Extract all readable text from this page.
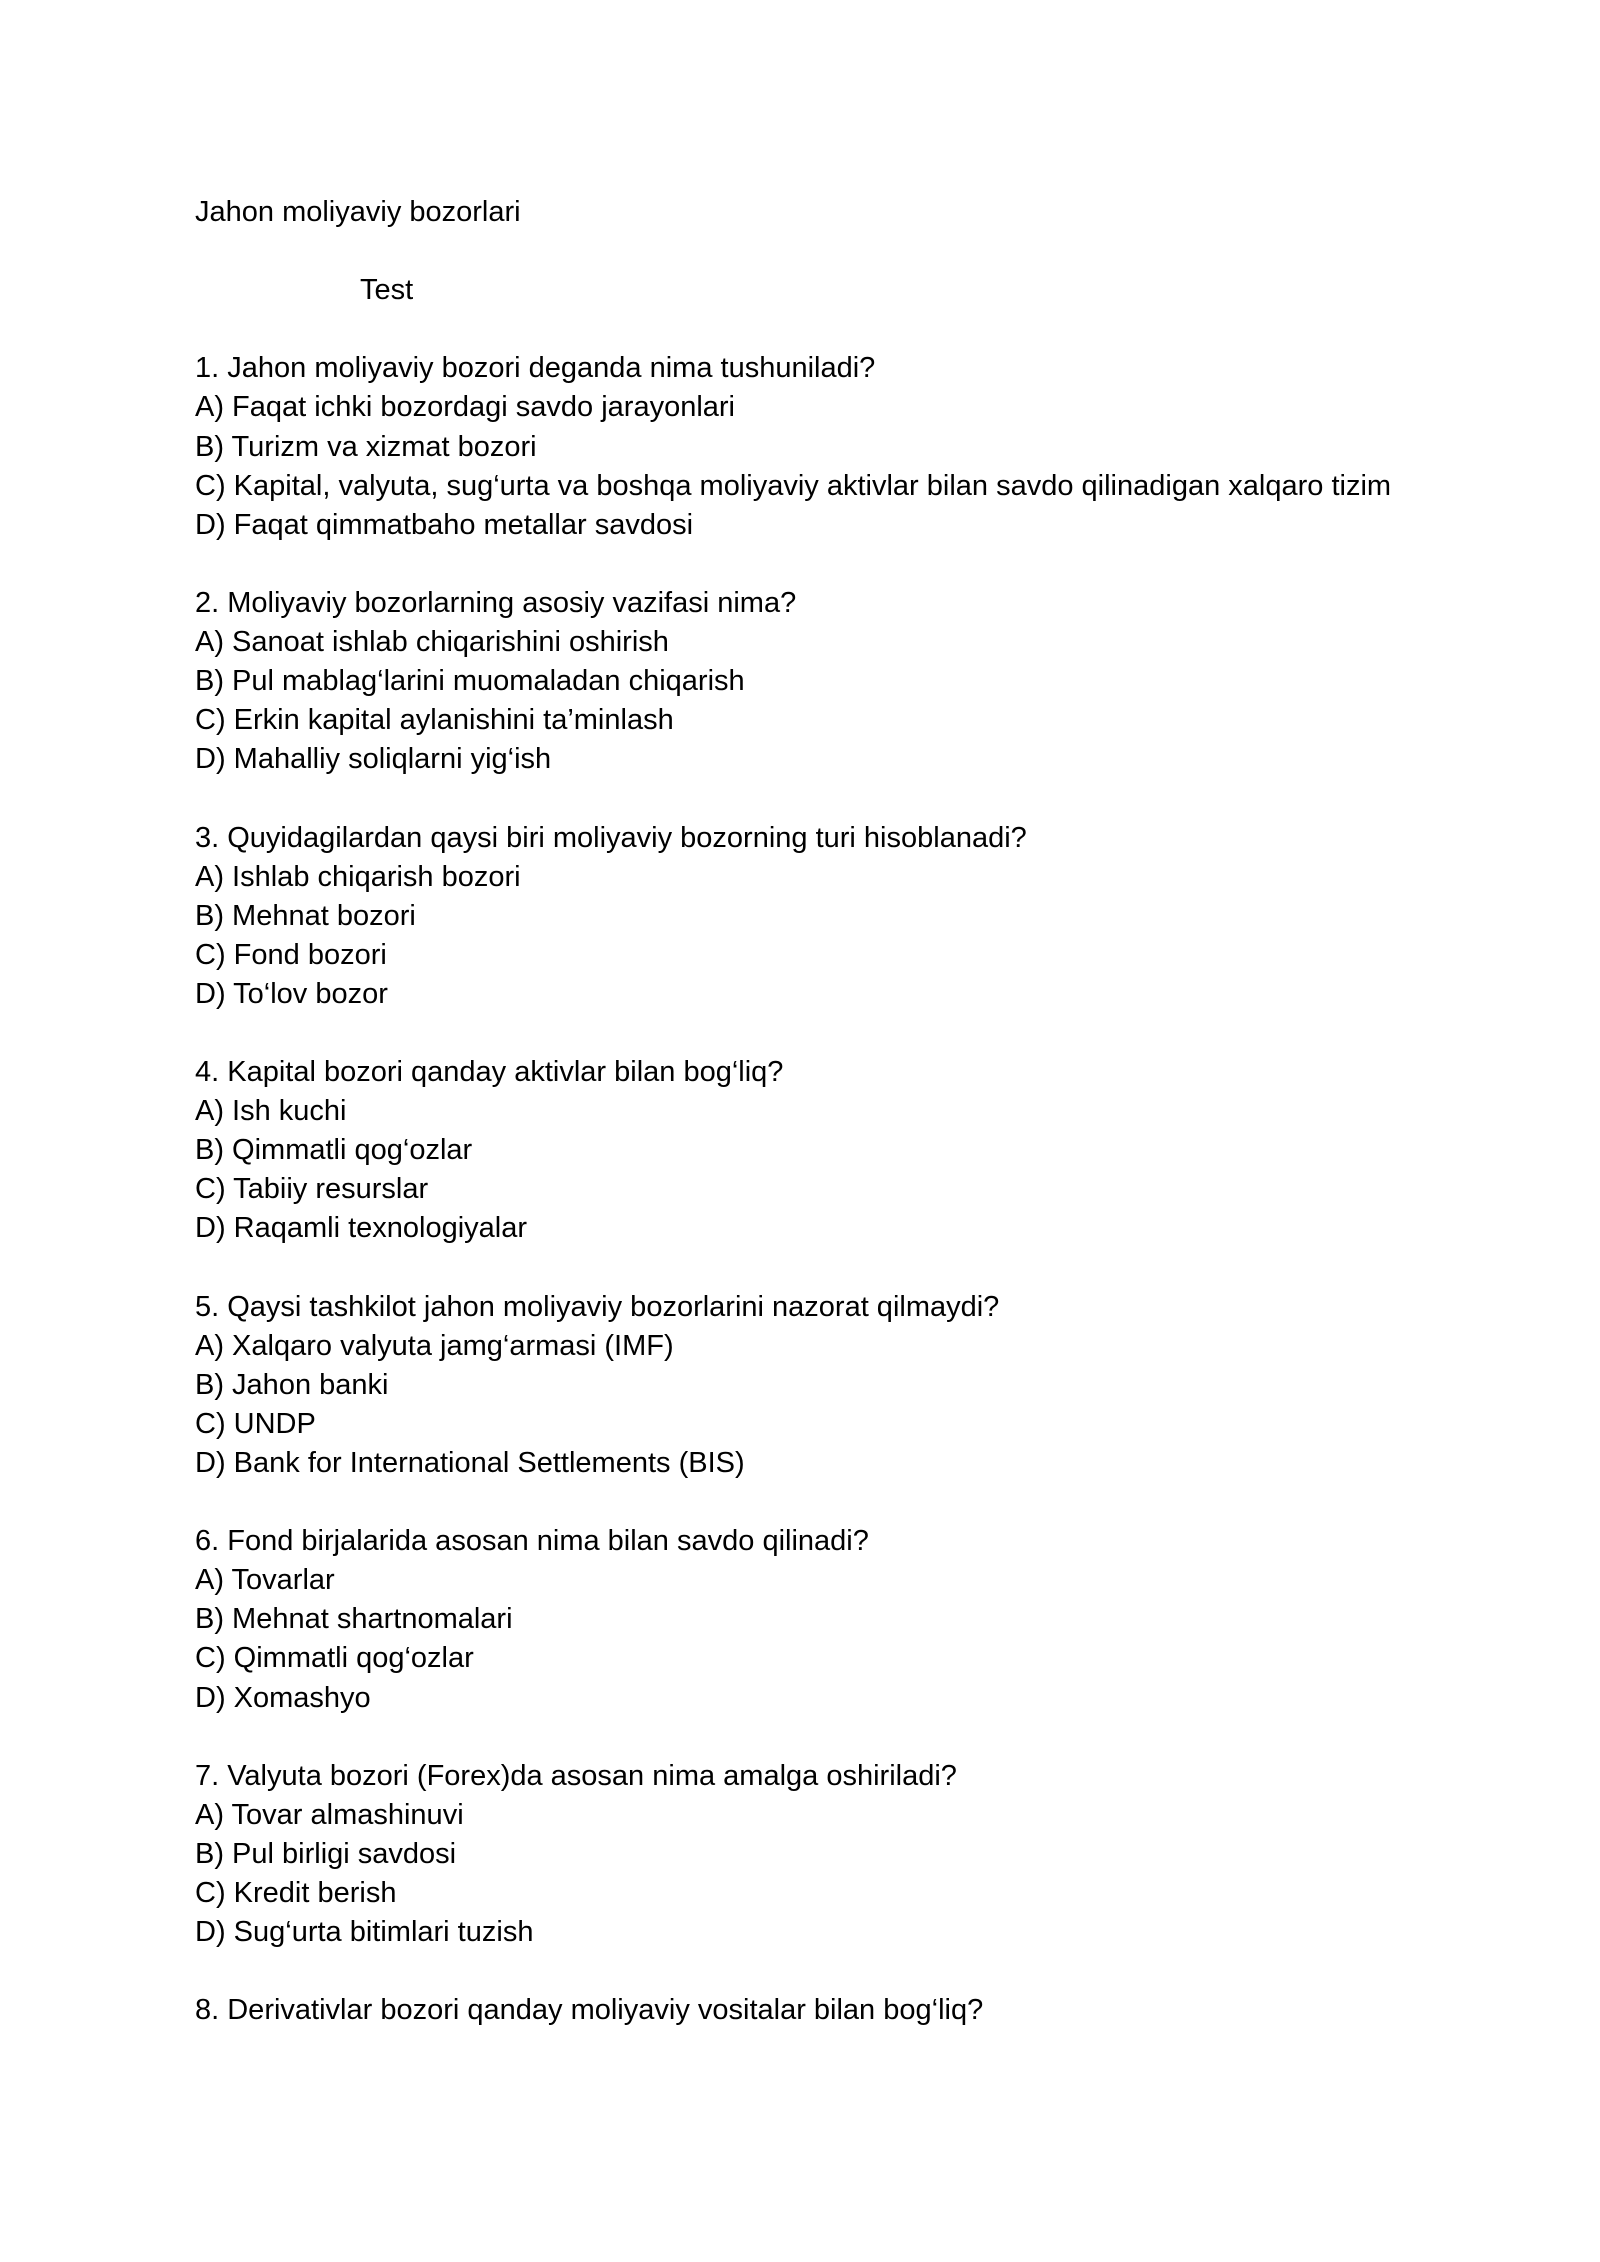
Jahon moliyaviy bozorlari

Test

1. Jahon moliyaviy bozori deganda nima tushuniladi?

A) Faqat ichki bozordagi savdo jarayonlari

B) Turizm va xizmat bozori

C) Kapital, valyuta, sug‘urta va boshqa moliyaviy aktivlar bilan savdo qilinadigan xalqaro tizim

D) Faqat qimmatbaho metallar savdosi

2. Moliyaviy bozorlarning asosiy vazifasi nima?

A) Sanoat ishlab chiqarishini oshirish

B) Pul mablag‘larini muomaladan chiqarish

C) Erkin kapital aylanishini ta’minlash

D) Mahalliy soliqlarni yig‘ish

3. Quyidagilardan qaysi biri moliyaviy bozorning turi hisoblanadi?

A) Ishlab chiqarish bozori

B) Mehnat bozori

C) Fond bozori

D) To‘lov bozor

4. Kapital bozori qanday aktivlar bilan bog‘liq?

A) Ish kuchi

B) Qimmatli qog‘ozlar

C) Tabiiy resurslar

D) Raqamli texnologiyalar

5. Qaysi tashkilot jahon moliyaviy bozorlarini nazorat qilmaydi?

A) Xalqaro valyuta jamg‘armasi (IMF)

B) Jahon banki

C) UNDP

D) Bank for International Settlements (BIS)

6. Fond birjalarida asosan nima bilan savdo qilinadi?

A) Tovarlar

B) Mehnat shartnomalari

C) Qimmatli qog‘ozlar

D) Xomashyo

7. Valyuta bozori (Forex)da asosan nima amalga oshiriladi?

A) Tovar almashinuvi

B) Pul birligi savdosi

C) Kredit berish

D) Sug‘urta bitimlari tuzish

8. Derivativlar bozori qanday moliyaviy vositalar bilan bog‘liq?
